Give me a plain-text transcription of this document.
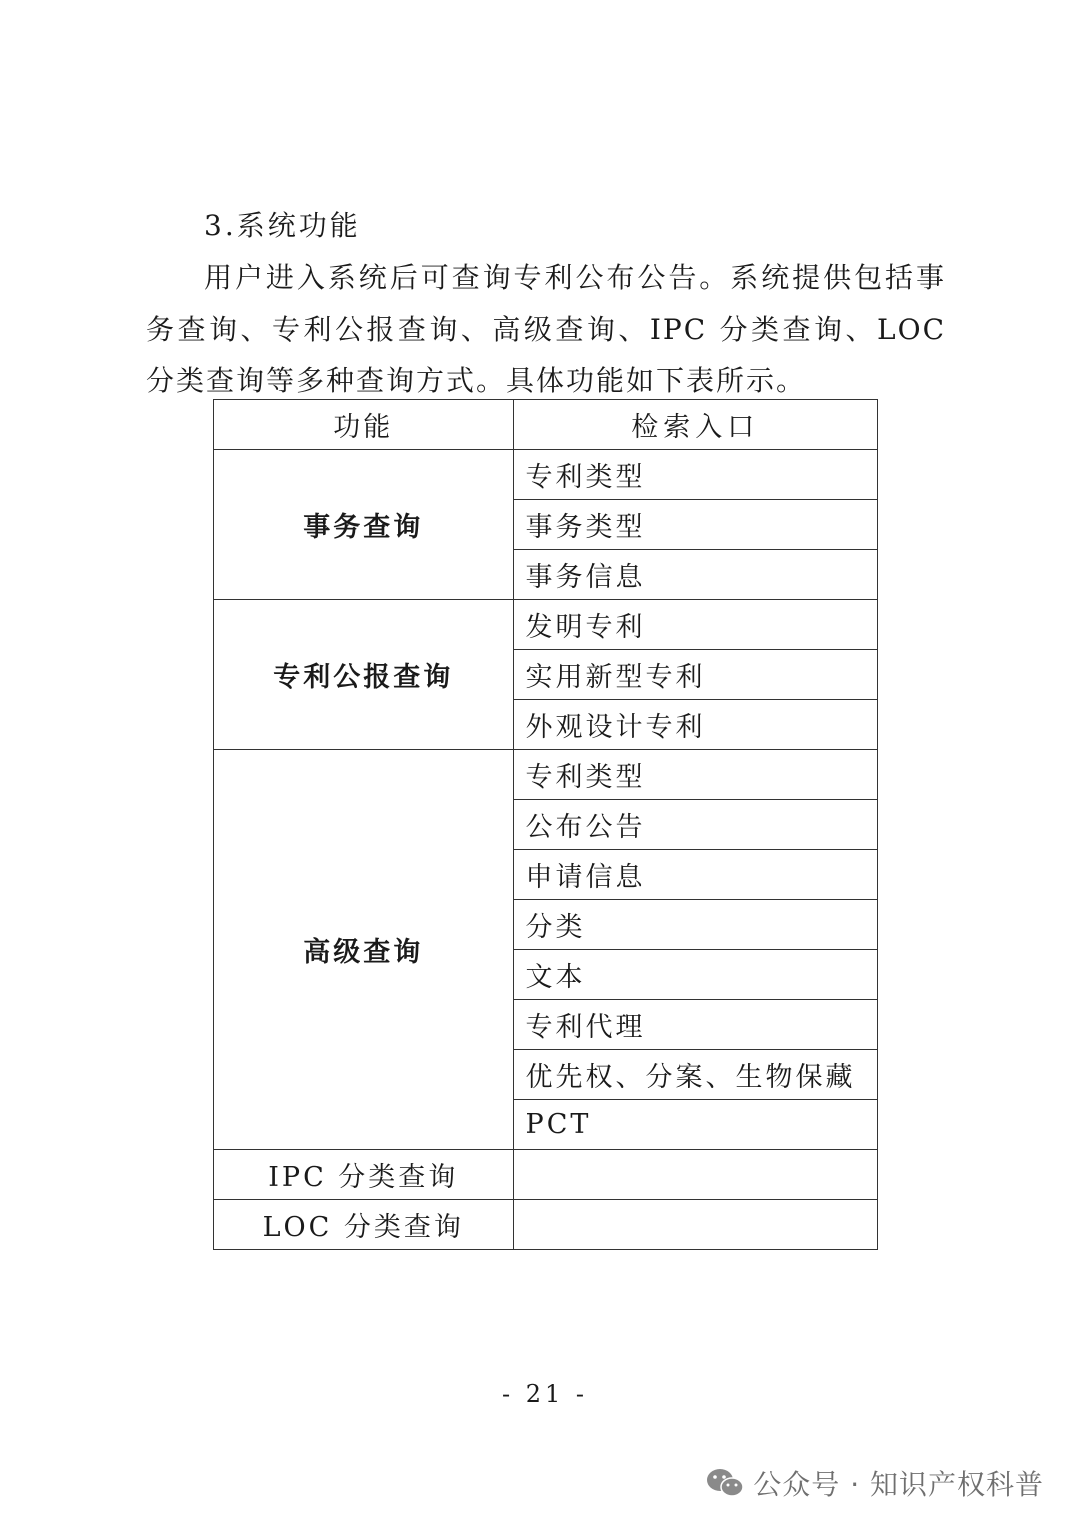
3.系统功能
用户进入系统后可查询专利公布公告。系统提供包括事务查询、专利公报查询、高级查询、IPC 分类查询、LOC 分类查询等多种查询方式。具体功能如下表所示。
功能	检索入口
事务查询	专利类型
	事务类型
	事务信息
专利公报查询	发明专利
	实用新型专利
	外观设计专利
高级查询	专利类型
	公布公告
	申请信息
	分类
	文本
	专利代理
	优先权、分案、生物保藏
	PCT
IPC 分类查询	
LOC 分类查询	
- 21 -
公众号 · 知识产权科普
